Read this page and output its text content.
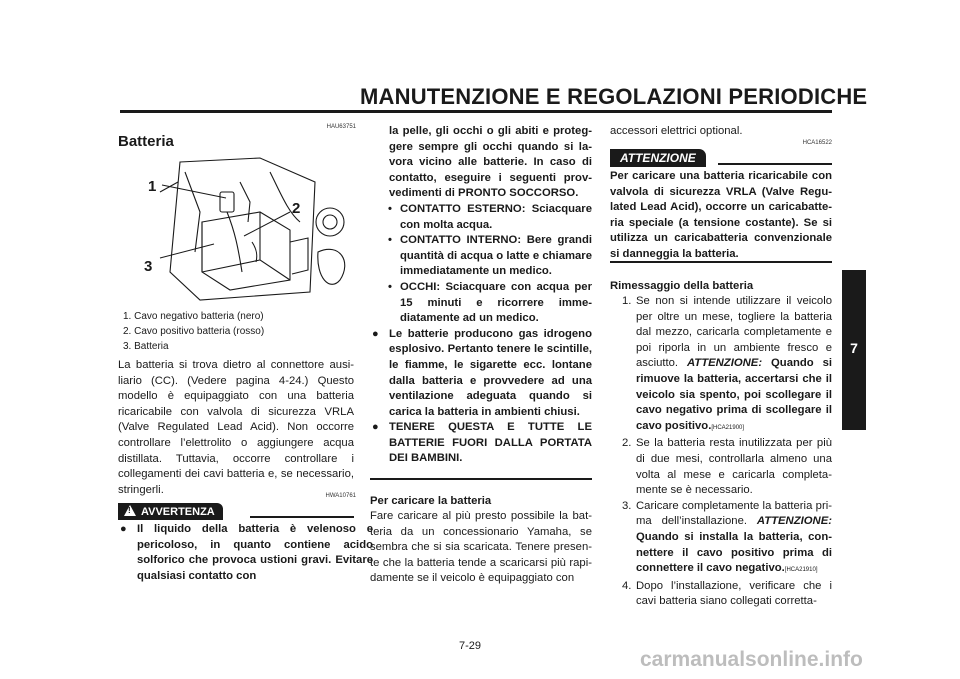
MANUTENZIONE E REGOLAZIONI PERIODICHE
7
HAU63751
Batteria
1
2
3
1. Cavo negativo batteria (nero)
2. Cavo positivo batteria (rosso)
3. Batteria
La batteria si trova dietro al connettore ausiliario (CC). (Vedere pagina 4-24.) Questo modello è equipaggiato con una batteria ricaricabile con valvola di sicurezza VRLA (Valve Regulated Lead Acid). Non occorre controllare l’elettrolito o aggiungere acqua distillata. Tuttavia, occorre controllare i collegamenti dei cavi batteria e, se necessario, stringerli.
HWA10761
!AVVERTENZA
● Il liquido della batteria è velenoso e pericoloso, in quanto contiene acido solforico che provoca ustioni gravi. Evitare qualsiasi contatto con

la pelle, gli occhi o gli abiti e proteggere sempre gli occhi quando si lavora vicino alle batterie. In caso di contatto, eseguire i seguenti provvedimenti di PRONTO SOCCORSO.

• CONTATTO ESTERNO: Sciacquare con molta acqua.
• CONTATTO INTERNO: Bere grandi quantità di acqua o latte e chiamare immediatamente un medico.
• OCCHI: Sciacquare con acqua per 15 minuti e ricorrere immediatamente ad un medico.
● Le batterie producono gas idrogeno esplosivo. Pertanto tenere le scintille, le fiamme, le sigarette ecc. lontane dalla batteria e provvedere ad una ventilazione adeguata quando si carica la batteria in ambienti chiusi.
● TENERE QUESTA E TUTTE LE BATTERIE FUORI DALLA PORTATA DEI BAMBINI.
Per caricare la batteria
Fare caricare al più presto possibile la batteria da un concessionario Yamaha, se sembra che si sia scaricata. Tenere presente che la batteria tende a scaricarsi più rapidamente se il veicolo è equipaggiato con
accessori elettrici optional.
HCA16522
ATTENZIONE
Per caricare una batteria ricaricabile con valvola di sicurezza VRLA (Valve Regulated Lead Acid), occorre un caricabatteria speciale (a tensione costante). Se si utilizza un caricabatteria convenzionale si danneggia la batteria.
Rimessaggio della batteria
1. Se non si intende utilizzare il veicolo per oltre un mese, togliere la batteria dal mezzo, caricarla completamente e poi riporla in un ambiente fresco e asciutto. ATTENZIONE: Quando si rimuove la batteria, accertarsi che il veicolo sia spento, poi scollegare il cavo negativo prima di scollegare il cavo positivo.[HCA21900]
2. Se la batteria resta inutilizzata per più di due mesi, controllarla almeno una volta al mese e caricarla completamente se è necessario.
3. Caricare completamente la batteria prima dell’installazione. ATTENZIONE: Quando si installa la batteria, connettere il cavo positivo prima di connettere il cavo negativo.[HCA21910]
4. Dopo l’installazione, verificare che i cavi batteria siano collegati corretta-
7-29
carmanualsonline.info
